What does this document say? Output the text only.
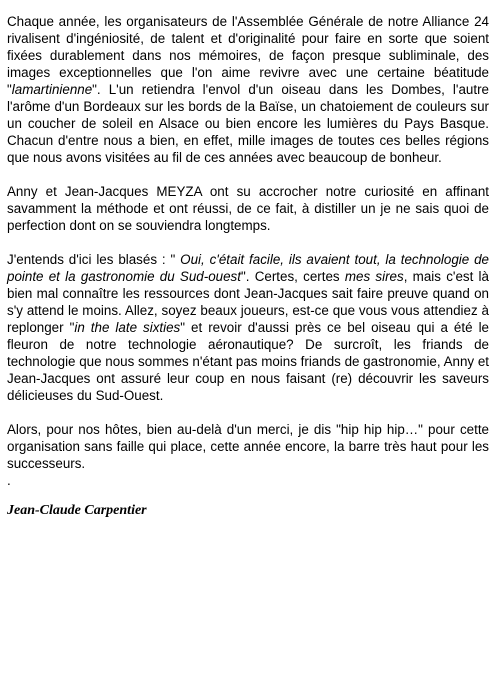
Chaque année, les organisateurs de l'Assemblée Générale de notre Alliance 24 rivalisent d'ingéniosité, de talent et d'originalité pour faire en sorte que soient fixées durablement dans nos mémoires, de façon presque subliminale, des images exceptionnelles que l'on aime revivre avec une certaine béatitude "lamartinienne". L'un retiendra l'envol d'un oiseau dans les Dombes, l'autre l'arôme d'un Bordeaux sur les bords de la Baïse, un chatoiement de couleurs sur un coucher de soleil en Alsace ou bien encore les lumières du Pays Basque. Chacun d'entre nous a bien, en effet, mille images de toutes ces belles régions que nous avons visitées au fil de ces années avec beaucoup de bonheur.

Anny et Jean-Jacques MEYZA ont su accrocher notre curiosité en affinant savamment la méthode et ont réussi, de ce fait, à distiller un je ne sais quoi de perfection dont on se souviendra longtemps.

J'entends d'ici les blasés : " Oui, c'était facile, ils avaient tout, la technologie de pointe et la gastronomie du Sud-ouest". Certes, certes mes sires, mais c'est là bien mal connaître les ressources dont Jean-Jacques sait faire preuve quand on s'y attend le moins. Allez, soyez beaux joueurs, est-ce que vous vous attendiez à replonger "in the late sixties" et revoir d'aussi près ce bel oiseau qui a été le fleuron de notre technologie aéronautique? De surcroît, les friands de technologie que nous sommes n'étant pas moins friands de gastronomie, Anny et Jean-Jacques ont assuré leur coup en nous faisant (re) découvrir les saveurs délicieuses du Sud-Ouest.

Alors, pour nos hôtes, bien au-delà d'un merci, je dis "hip hip hip…" pour cette organisation sans faille qui place, cette année encore, la barre très haut pour les successeurs.

.

Jean-Claude Carpentier
